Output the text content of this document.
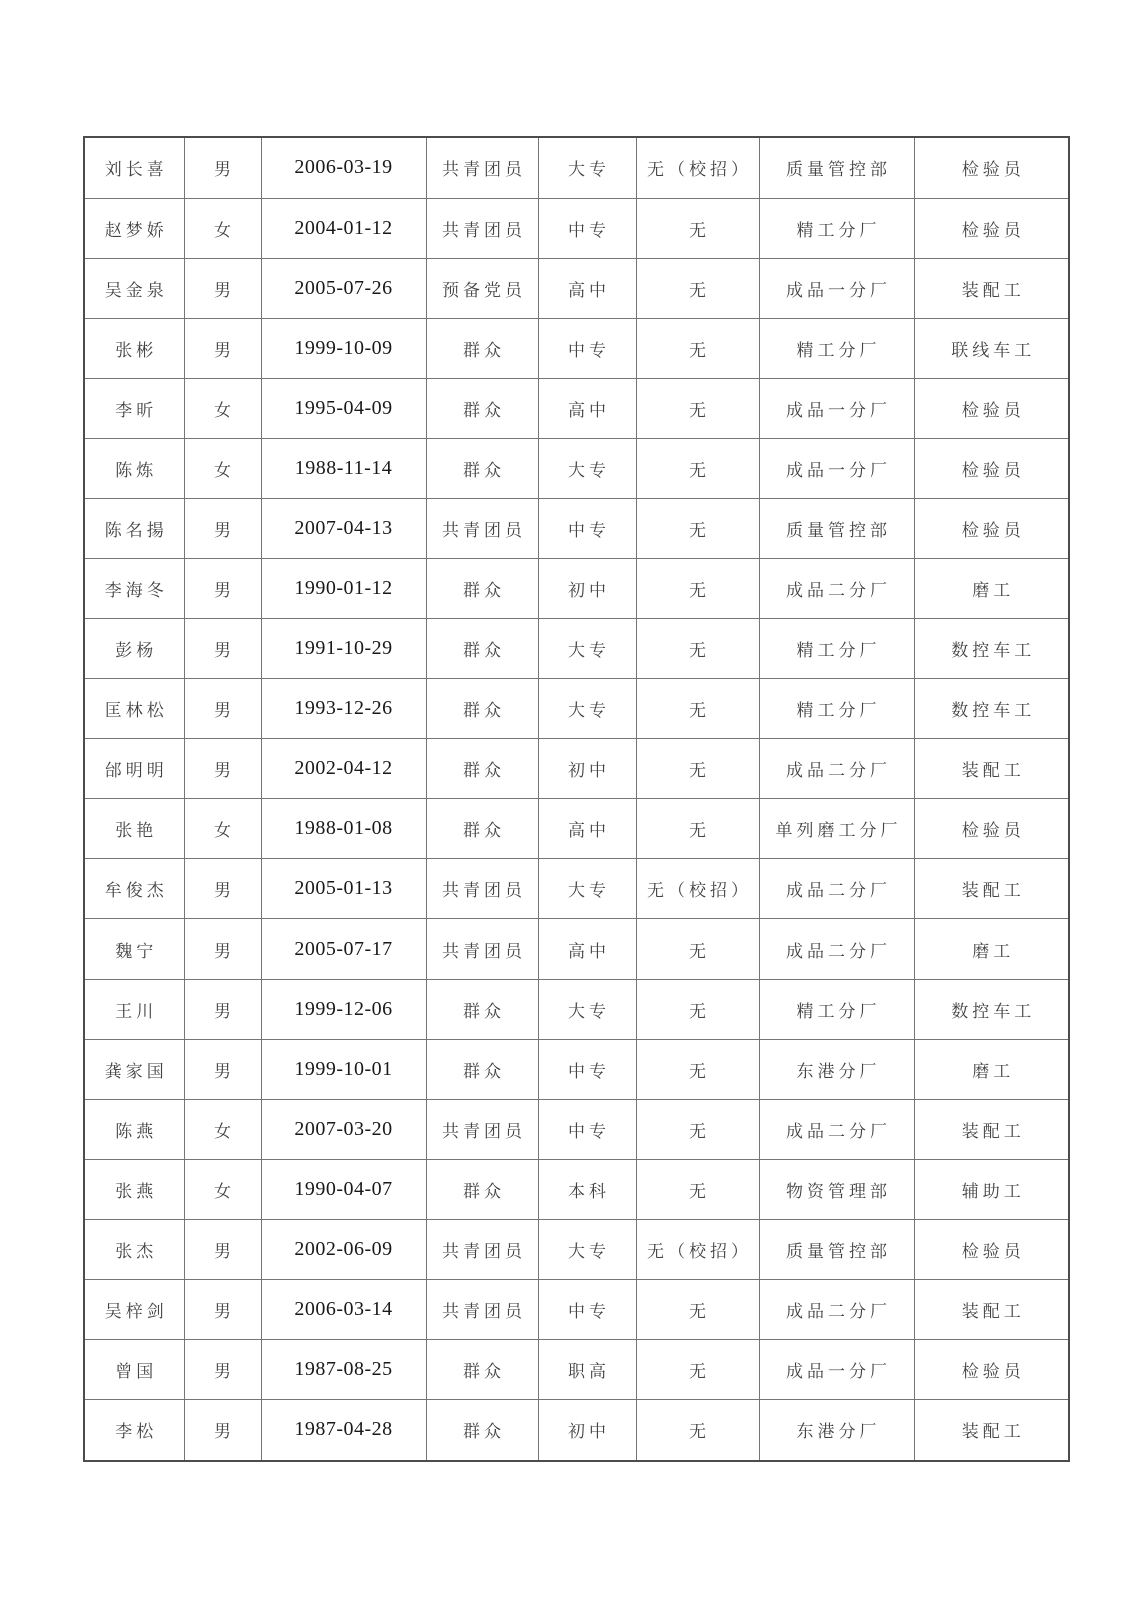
刘长喜	男	2006-03-19	共青团员	大专	无（校招）	质量管控部	检验员
赵梦娇	女	2004-01-12	共青团员	中专	无	精工分厂	检验员
吴金泉	男	2005-07-26	预备党员	高中	无	成品一分厂	装配工
张彬	男	1999-10-09	群众	中专	无	精工分厂	联线车工
李昕	女	1995-04-09	群众	高中	无	成品一分厂	检验员
陈炼	女	1988-11-14	群众	大专	无	成品一分厂	检验员
陈名揚	男	2007-04-13	共青团员	中专	无	质量管控部	检验员
李海冬	男	1990-01-12	群众	初中	无	成品二分厂	磨工
彭杨	男	1991-10-29	群众	大专	无	精工分厂	数控车工
匡林松	男	1993-12-26	群众	大专	无	精工分厂	数控车工
邰明明	男	2002-04-12	群众	初中	无	成品二分厂	装配工
张艳	女	1988-01-08	群众	高中	无	单列磨工分厂	检验员
牟俊杰	男	2005-01-13	共青团员	大专	无（校招）	成品二分厂	装配工
魏宁	男	2005-07-17	共青团员	高中	无	成品二分厂	磨工
王川	男	1999-12-06	群众	大专	无	精工分厂	数控车工
龚家国	男	1999-10-01	群众	中专	无	东港分厂	磨工
陈燕	女	2007-03-20	共青团员	中专	无	成品二分厂	装配工
张燕	女	1990-04-07	群众	本科	无	物资管理部	辅助工
张杰	男	2002-06-09	共青团员	大专	无（校招）	质量管控部	检验员
吴梓剑	男	2006-03-14	共青团员	中专	无	成品二分厂	装配工
曾国	男	1987-08-25	群众	职高	无	成品一分厂	检验员
李松	男	1987-04-28	群众	初中	无	东港分厂	装配工
